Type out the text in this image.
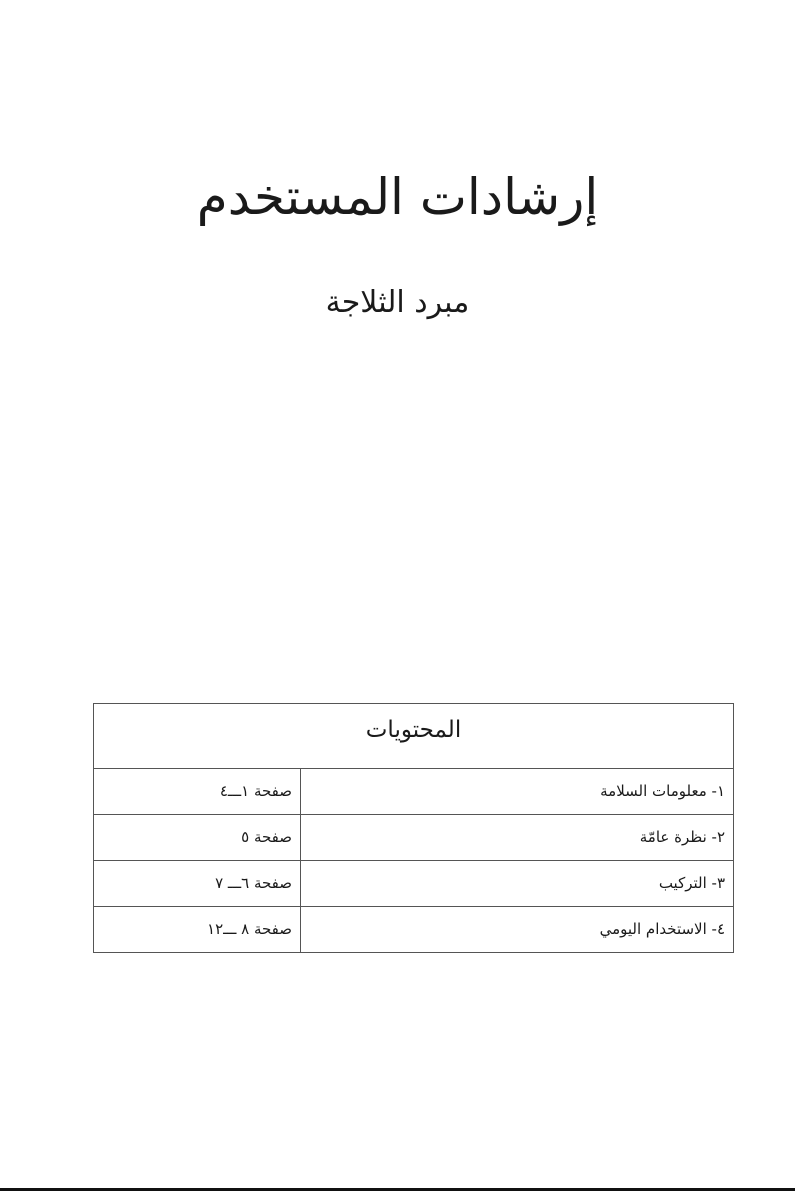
إرشادات المستخدم
مبرد الثلاجة
المحتويات
١- معلومات السلامة
صفحة ١ـــ٤
٢- نظرة عامّة
صفحة ٥
٣- التركيب
صفحة ٦ـــ ٧
٤- الاستخدام اليومي
صفحة ٨ ـــ١٢
